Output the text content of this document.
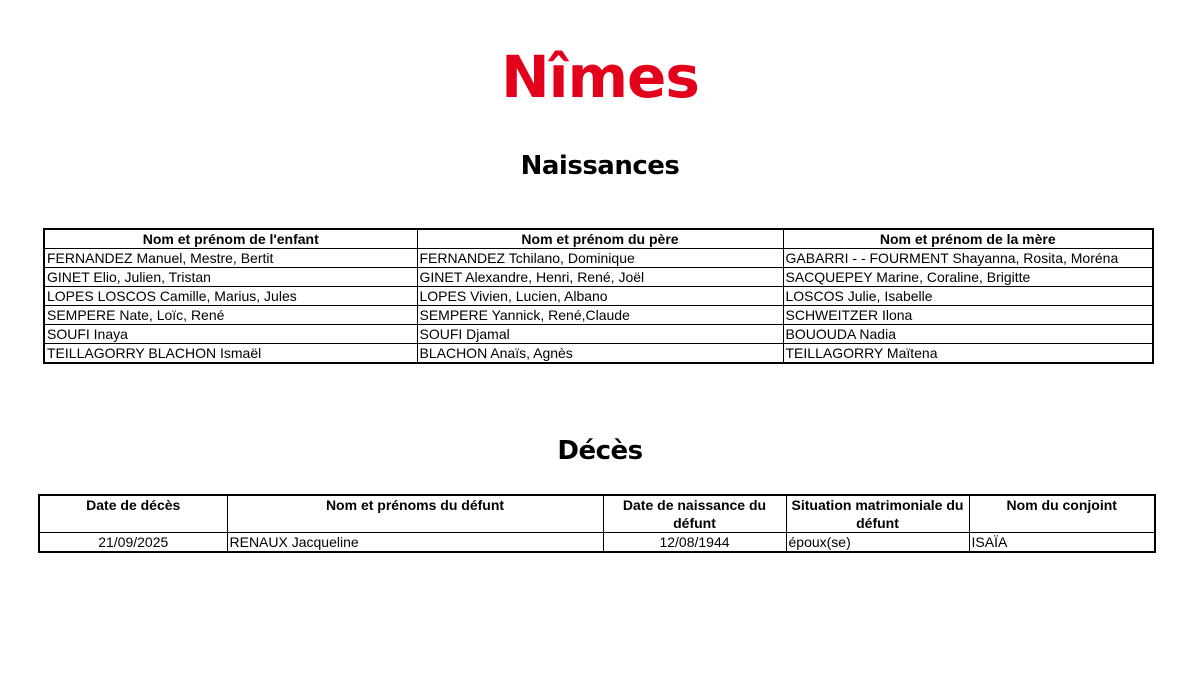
Nîmes
Naissances
Nom et prénom de l'enfant	Nom et prénom du père	Nom et prénom de la mère
FERNANDEZ Manuel, Mestre, Bertit	FERNANDEZ Tchilano, Dominique	GABARRI - - FOURMENT Shayanna, Rosita, Moréna
GINET Elio, Julien, Tristan	GINET Alexandre, Henri, René, Joël	SACQUEPEY Marine, Coraline, Brigitte
LOPES LOSCOS Camille, Marius, Jules	LOPES Vivien, Lucien, Albano	LOSCOS Julie, Isabelle
SEMPERE Nate, Loïc, René	SEMPERE Yannick, René,Claude	SCHWEITZER Ilona
SOUFI Inaya	SOUFI Djamal	BOUOUDA Nadia
TEILLAGORRY BLACHON Ismaël	BLACHON Anaïs, Agnès	TEILLAGORRY Maïtena
Décès
Date de décès	Nom et prénoms du défunt	Date de naissance du défunt	Situation matrimoniale du défunt	Nom du conjoint
21/09/2025	RENAUX Jacqueline	12/08/1944	époux(se)	ISAÏA
